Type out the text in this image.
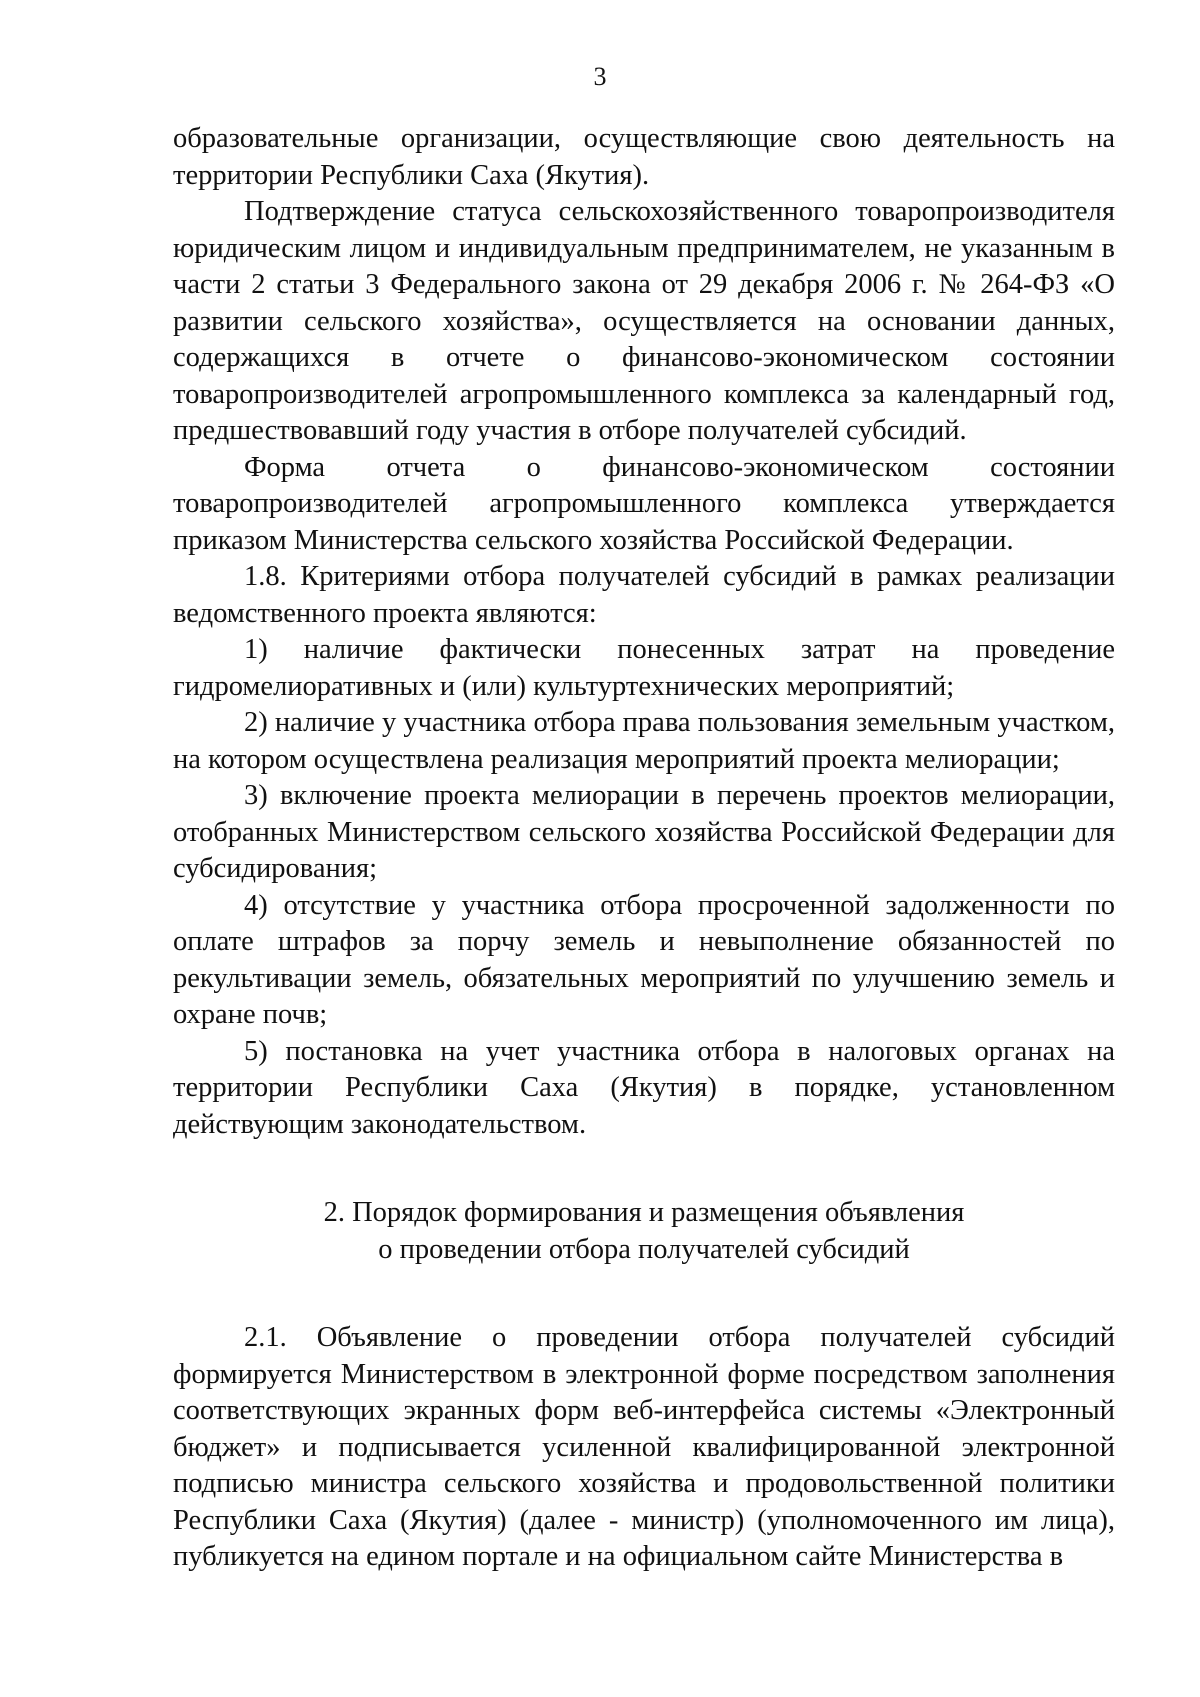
3

образовательные организации, осуществляющие свою деятельность на территории Республики Саха (Якутия).

Подтверждение статуса сельскохозяйственного товаропроизводителя юридическим лицом и индивидуальным предпринимателем, не указанным в части 2 статьи 3 Федерального закона от 29 декабря 2006 г. № 264-ФЗ «О развитии сельского хозяйства», осуществляется на основании данных, содержащихся в отчете о финансово-экономическом состоянии товаропроизводителей агропромышленного комплекса за календарный год, предшествовавший году участия в отборе получателей субсидий.

Форма отчета о финансово-экономическом состоянии товаропроизводителей агропромышленного комплекса утверждается приказом Министерства сельского хозяйства Российской Федерации.

1.8. Критериями отбора получателей субсидий в рамках реализации ведомственного проекта являются:

1) наличие фактически понесенных затрат на проведение гидромелиоративных и (или) культуртехнических мероприятий;

2) наличие у участника отбора права пользования земельным участком, на котором осуществлена реализация мероприятий проекта мелиорации;

3) включение проекта мелиорации в перечень проектов мелиорации, отобранных Министерством сельского хозяйства Российской Федерации для субсидирования;

4) отсутствие у участника отбора просроченной задолженности по оплате штрафов за порчу земель и невыполнение обязанностей по рекультивации земель, обязательных мероприятий по улучшению земель и охране почв;

5) постановка на учет участника отбора в налоговых органах на территории Республики Саха (Якутия) в порядке, установленном действующим законодательством.

2. Порядок формирования и размещения объявления
о проведении отбора получателей субсидий

2.1. Объявление о проведении отбора получателей субсидий формируется Министерством в электронной форме посредством заполнения соответствующих экранных форм веб-интерфейса системы «Электронный бюджет» и подписывается усиленной квалифицированной электронной подписью министра сельского хозяйства и продовольственной политики Республики Саха (Якутия) (далее - министр) (уполномоченного им лица), публикуется на едином портале и на официальном сайте Министерства в
